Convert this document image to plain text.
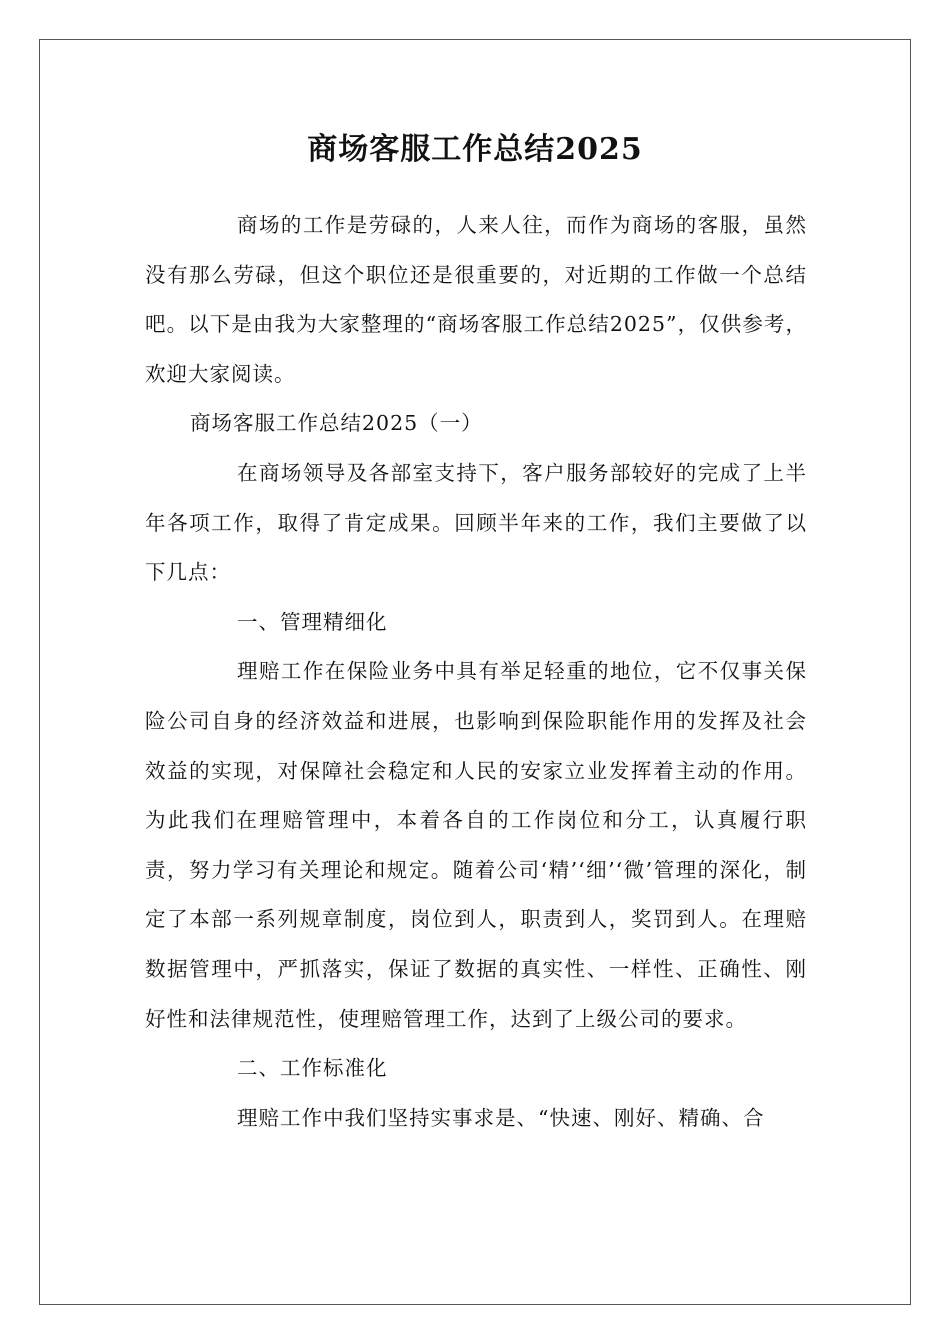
商场客服工作总结2025

商场的工作是劳碌的，人来人往，而作为商场的客服，虽然没有那么劳碌，但这个职位还是很重要的，对近期的工作做一个总结吧。以下是由我为大家整理的“商场客服工作总结2025”，仅供参考，欢迎大家阅读。

商场客服工作总结2025（一）

在商场领导及各部室支持下，客户服务部较好的完成了上半年各项工作，取得了肯定成果。回顾半年来的工作，我们主要做了以下几点：

一、管理精细化

理赔工作在保险业务中具有举足轻重的地位，它不仅事关保险公司自身的经济效益和进展，也影响到保险职能作用的发挥及社会效益的实现，对保障社会稳定和人民的安家立业发挥着主动的作用。为此我们在理赔管理中，本着各自的工作岗位和分工，认真履行职责，努力学习有关理论和规定。随着公司‘精’‘细’‘微’管理的深化，制定了本部一系列规章制度，岗位到人，职责到人，奖罚到人。在理赔数据管理中，严抓落实，保证了数据的真实性、一样性、正确性、刚好性和法律规范性，使理赔管理工作，达到了上级公司的要求。

二、工作标准化

理赔工作中我们坚持实事求是、“快速、刚好、精确、合
